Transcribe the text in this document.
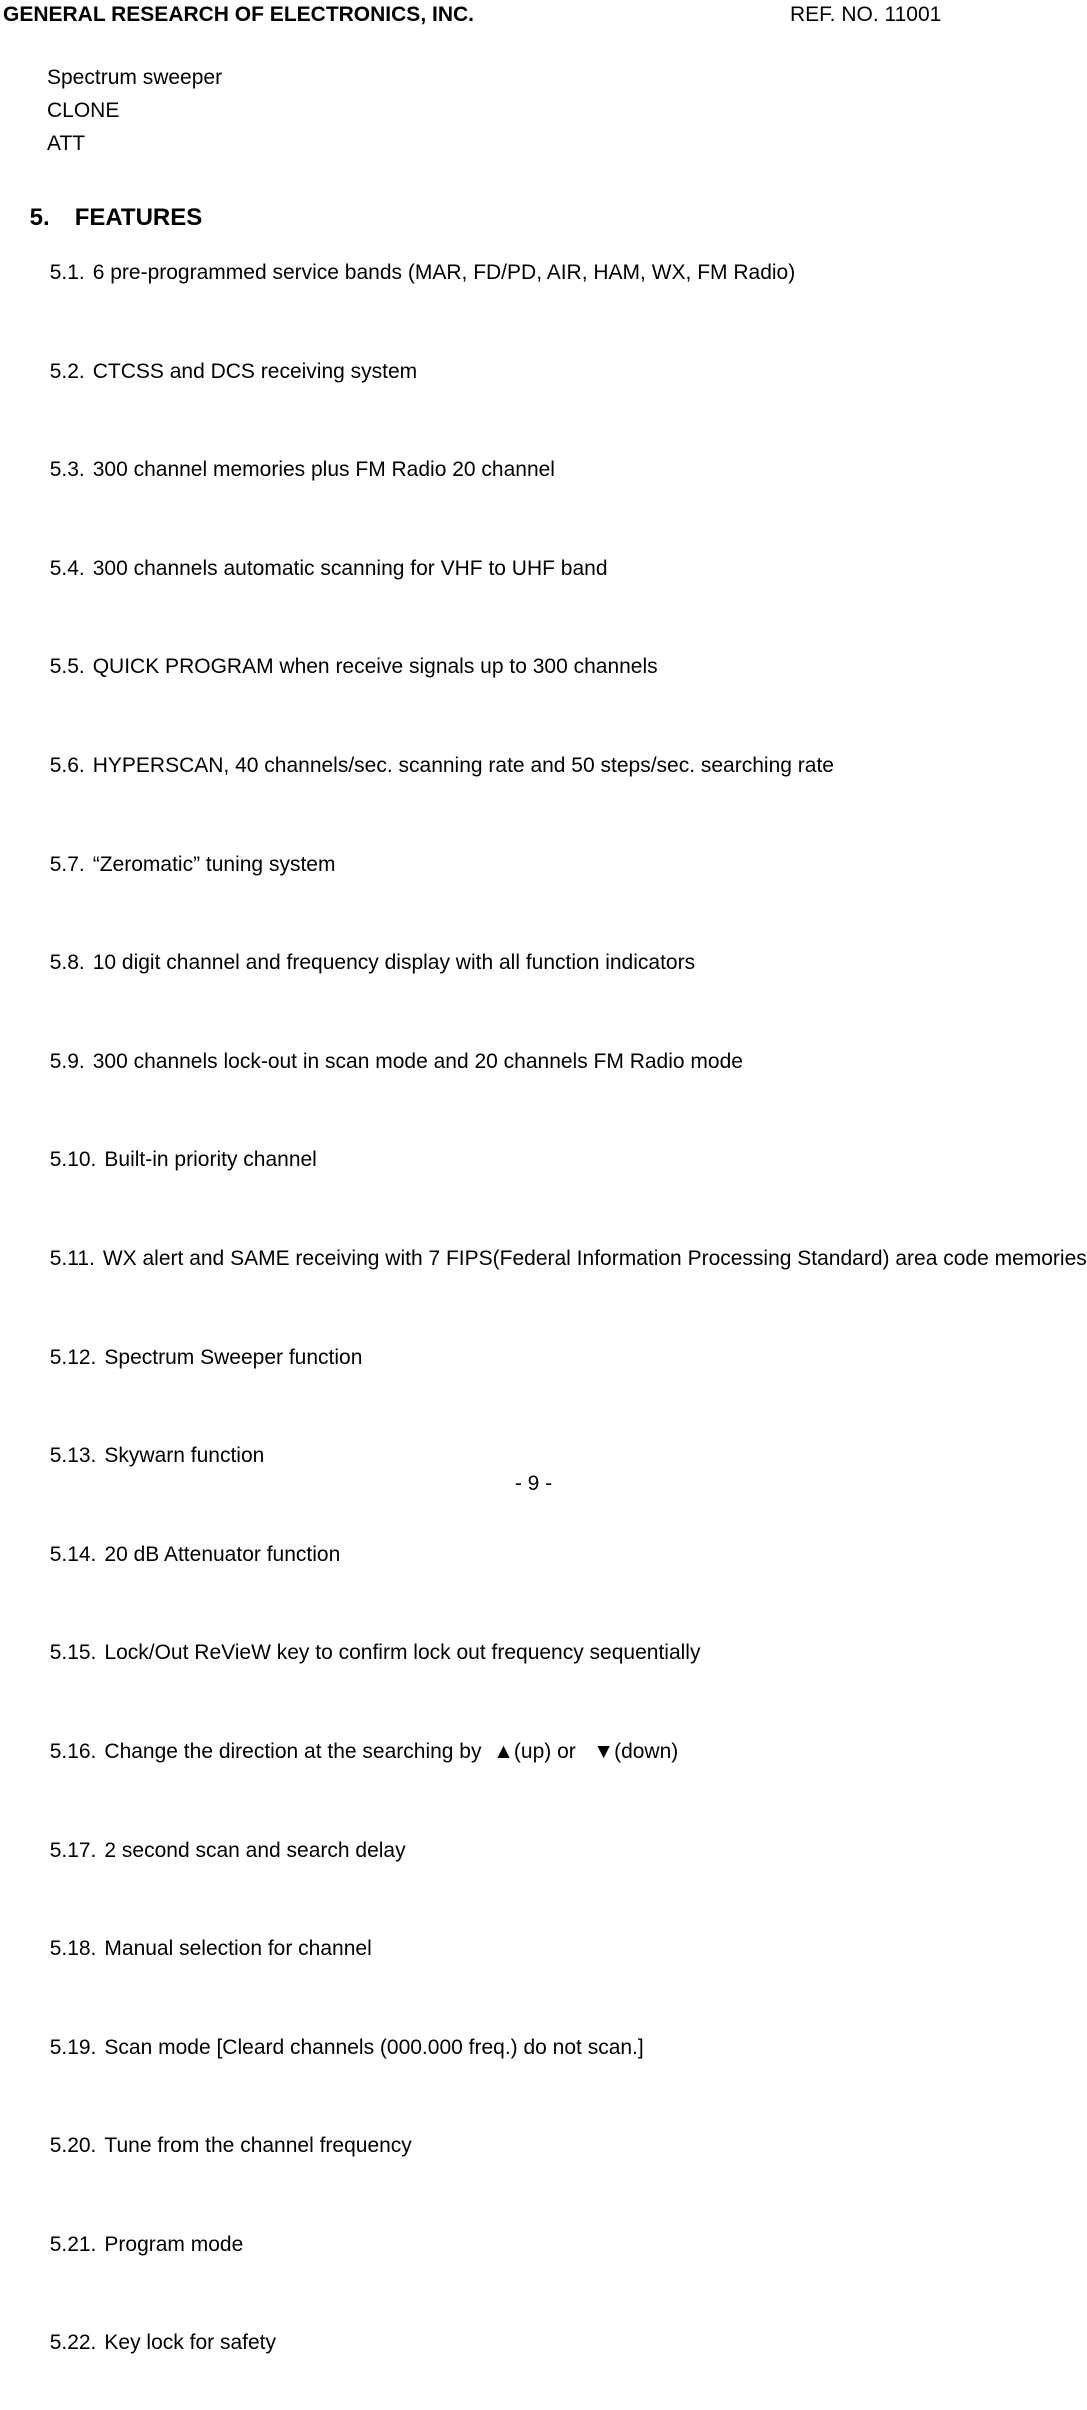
GENERAL RESEARCH OF ELECTRONICS, INC.	REF. NO. 11001
Spectrum sweeper
CLONE
ATT

5. FEATURES

5.1. 6 pre-programmed service bands (MAR, FD/PD, AIR, HAM, WX, FM Radio)

5.2. CTCSS and DCS receiving system

5.3. 300 channel memories plus FM Radio 20 channel

5.4. 300 channels automatic scanning for VHF to UHF band

5.5. QUICK PROGRAM when receive signals up to 300 channels

5.6. HYPERSCAN, 40 channels/sec. scanning rate and 50 steps/sec. searching rate

5.7. “Zeromatic” tuning system

5.8. 10 digit channel and frequency display with all function indicators

5.9. 300 channels lock-out in scan mode and 20 channels FM Radio mode

5.10. Built-in priority channel

5.11. WX alert and SAME receiving with 7 FIPS(Federal Information Processing Standard) area code memories

5.12. Spectrum Sweeper function

5.13. Skywarn function

5.14. 20 dB Attenuator function

5.15. Lock/Out ReVieW key to confirm lock out frequency sequentially

5.16. Change the direction at the searching by  ▲(up) or   ▼(down)

5.17. 2 second scan and search delay

5.18. Manual selection for channel

5.19. Scan mode [Cleard channels (000.000 freq.) do not scan.]

5.20. Tune from the channel frequency

5.21. Program mode

5.22. Key lock for safety

- 9 -
